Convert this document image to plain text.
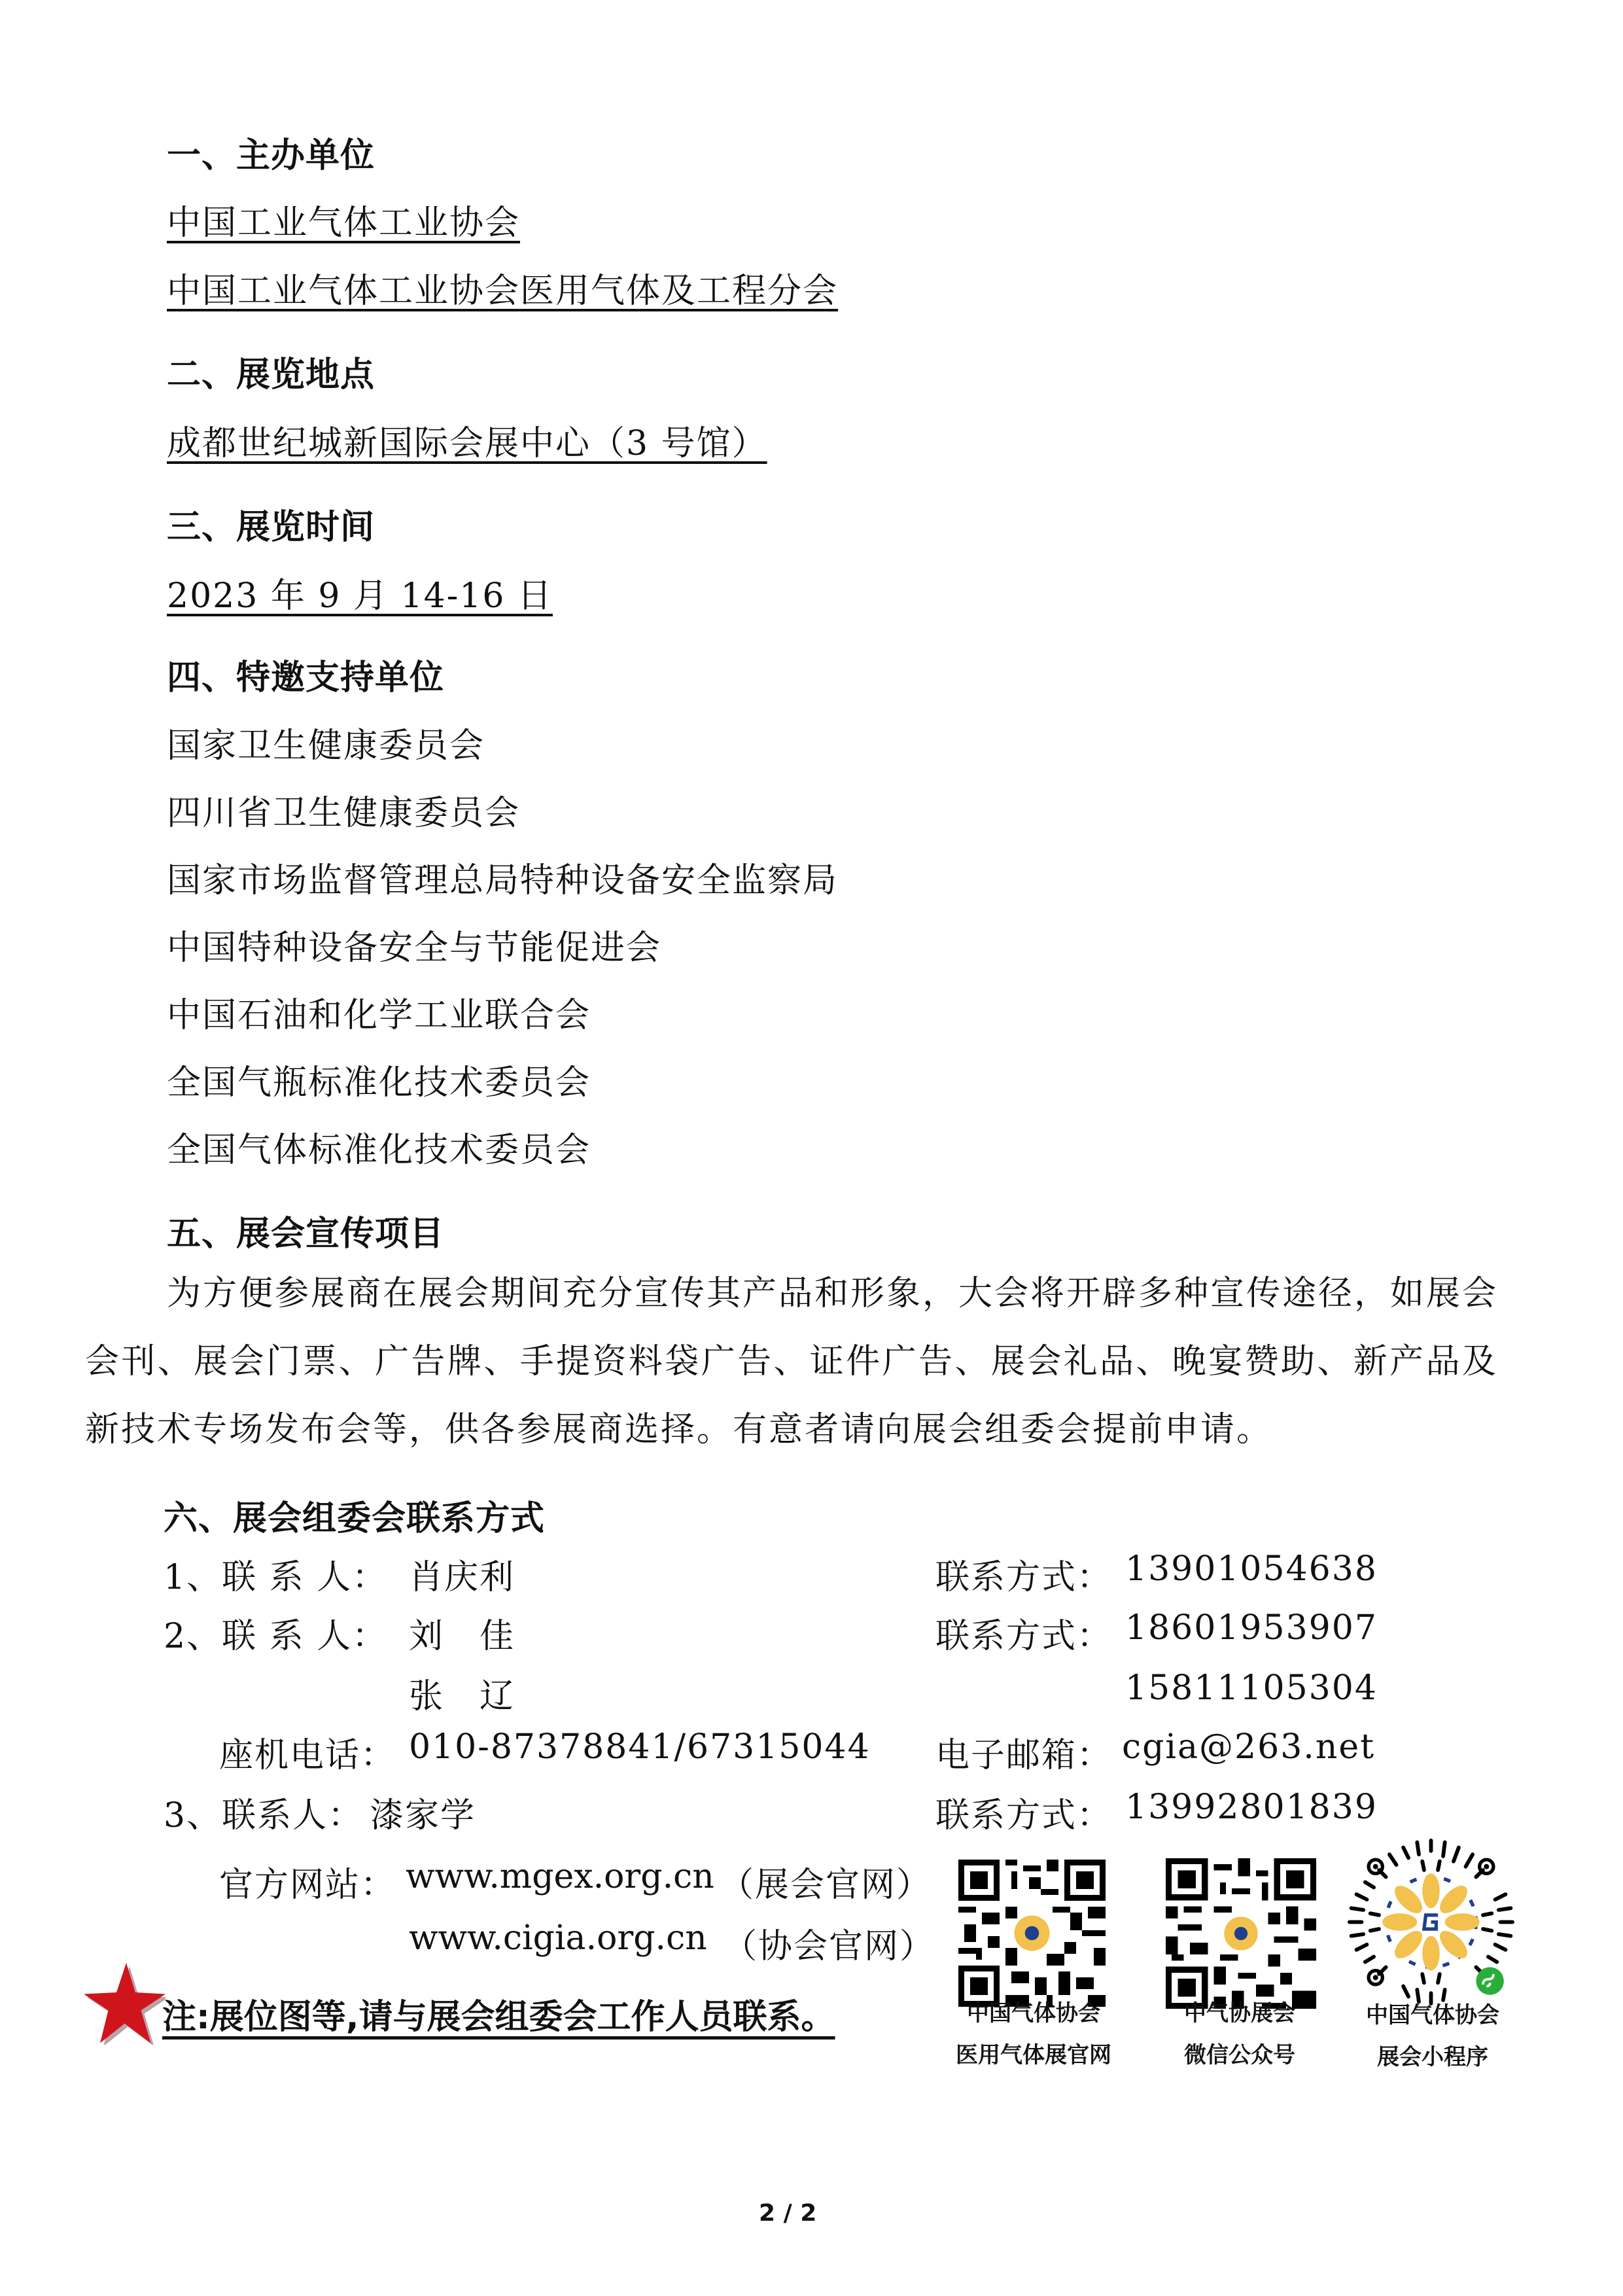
一、主办单位
中国工业气体工业协会
中国工业气体工业协会医用气体及工程分会
二、展览地点
成都世纪城新国际会展中心（3 号馆）
三、展览时间
2023 年 9 月 14-16 日
四、特邀支持单位
国家卫生健康委员会
四川省卫生健康委员会
国家市场监督管理总局特种设备安全监察局
中国特种设备安全与节能促进会
中国石油和化学工业联合会
全国气瓶标准化技术委员会
全国气体标准化技术委员会
五、展会宣传项目
为方便参展商在展会期间充分宣传其产品和形象，大会将开辟多种宣传途径，如展会会刊、展会门票、广告牌、手提资料袋广告、证件广告、展会礼品、晚宴赞助、新产品及新技术专场发布会等，供各参展商选择。有意者请向展会组委会提前申请。
六、展会组委会联系方式
1、联 系 人： 肖庆利	联系方式： 13901054638
2、联 系 人： 刘　佳	联系方式： 18601953907
张　辽	15811105304
座机电话： 010-87378841/67315044 电子邮箱： cgia@263.net
3、联系人： 漆家学	联系方式： 13992801839
官方网站： www.mgex.org.cn （展会官网）
www.cigia.org.cn （协会官网）
注:展位图等,请与展会组委会工作人员联系。	中国气体协会
医用气体展官网
中气协展会
微信公众号
中国气体协会
展会小程序
2 / 2
